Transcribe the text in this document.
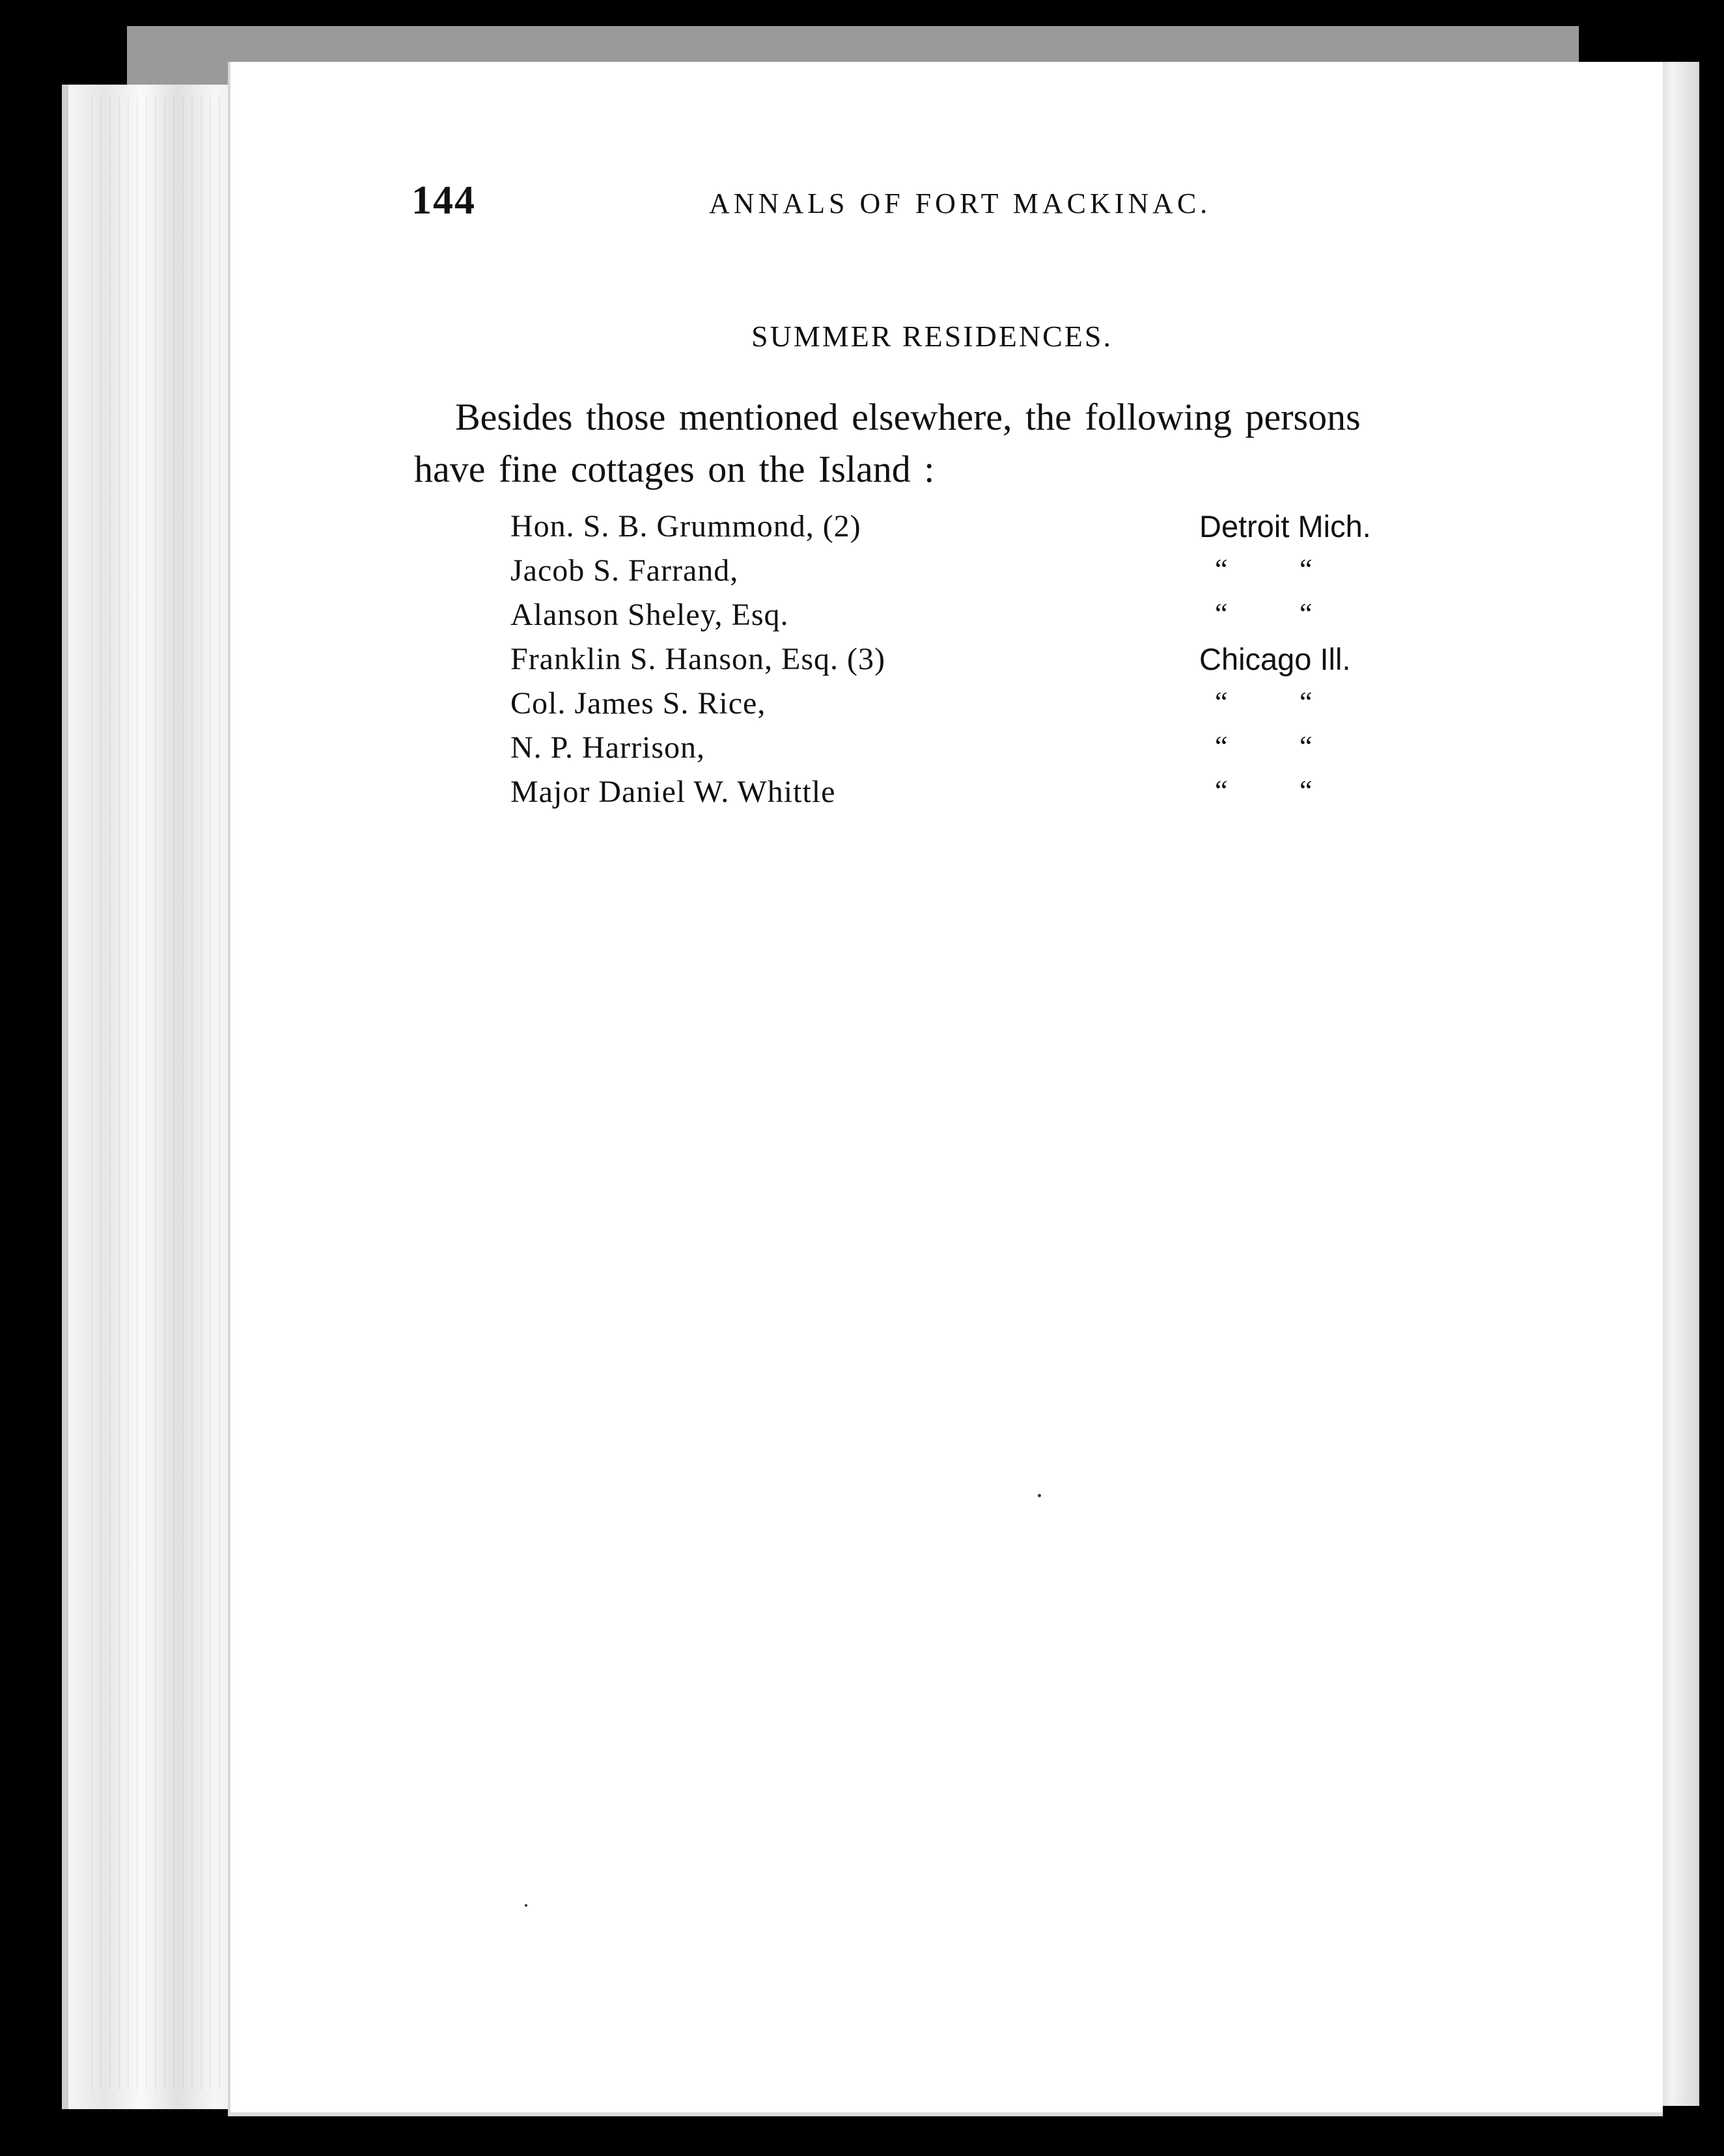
144	ANNALS OF FORT MACKINAC.

SUMMER RESIDENCES.

Besides those mentioned elsewhere, the following persons

have fine cottages on the Island :

Hon. S. B. Grummond, (2)	Detroit Mich.
Jacob S. Farrand,	“	“
Alanson Sheley, Esq.	“	“
Franklin S. Hanson, Esq. (3)	Chicago Ill.
Col. James S. Rice,	“	“
N. P. Harrison,	“	“
Major Daniel W. Whittle	“	“
